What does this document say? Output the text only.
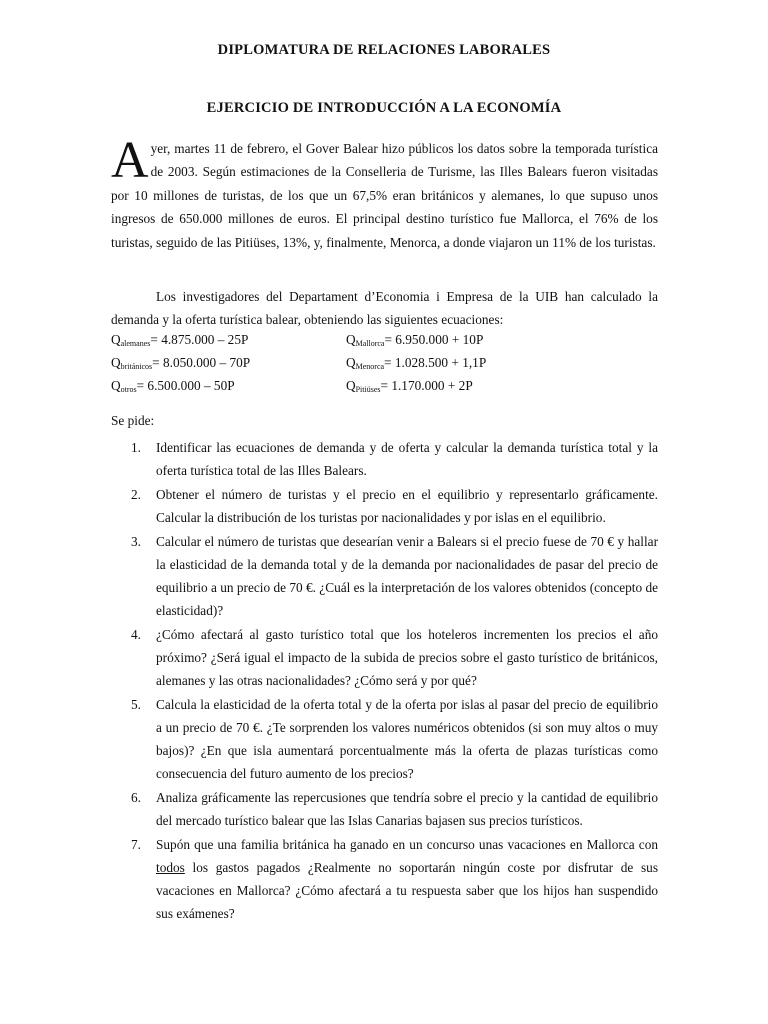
DIPLOMATURA DE RELACIONES LABORALES
EJERCICIO DE INTRODUCCIÓN A LA ECONOMÍA
Ayer, martes 11 de febrero, el Gover Balear hizo públicos los datos sobre la temporada turística de 2003. Según estimaciones de la Conselleria de Turisme, las Illes Balears fueron visitadas por 10 millones de turistas, de los que un 67,5% eran británicos y alemanes, lo que supuso unos ingresos de 650.000 millones de euros. El principal destino turístico fue Mallorca, el 76% de los turistas, seguido de las Pitiüses, 13%, y, finalmente, Menorca, a donde viajaron un 11% de los turistas.
Los investigadores del Departament d’Economia i Empresa de la UIB han calculado la demanda y la oferta turística balear, obteniendo las siguientes ecuaciones:
$Q_{alemanes}= 4.875.000 - 25P$
$Q_{británicos}= 8.050.000 - 70P$
$Q_{otros}= 6.500.000 - 50P$
$Q_{Mallorca}= 6.950.000 + 10P$
$Q_{Menorca}= 1.028.500 + 1,1P$
$Q_{Pitiüses}= 1.170.000 + 2P$
Se pide:
1. Identificar las ecuaciones de demanda y de oferta y calcular la demanda turística total y la oferta turística total de las Illes Balears.
2. Obtener el número de turistas y el precio en el equilibrio y representarlo gráficamente. Calcular la distribución de los turistas por nacionalidades y por islas en el equilibrio.
3. Calcular el número de turistas que desearían venir a Balears si el precio fuese de 70 € y hallar la elasticidad de la demanda total y de la demanda por nacionalidades de pasar del precio de equilibrio a un precio de 70 €. ¿Cuál es la interpretación de los valores obtenidos (concepto de elasticidad)?
4. ¿Cómo afectará al gasto turístico total que los hoteleros incrementen los precios el año próximo? ¿Será igual el impacto de la subida de precios sobre el gasto turístico de británicos, alemanes y las otras nacionalidades? ¿Cómo será y por qué?
5. Calcula la elasticidad de la oferta total y de la oferta por islas al pasar del precio de equilibrio a un precio de 70 €. ¿Te sorprenden los valores numéricos obtenidos (si son muy altos o muy bajos)? ¿En que isla aumentará porcentualmente más la oferta de plazas turísticas como consecuencia del futuro aumento de los precios?
6. Analiza gráficamente las repercusiones que tendría sobre el precio y la cantidad de equilibrio del mercado turístico balear que las Islas Canarias bajasen sus precios turísticos.
7. Supón que una familia británica ha ganado en un concurso unas vacaciones en Mallorca con todos los gastos pagados ¿Realmente no soportarán ningún coste por disfrutar de sus vacaciones en Mallorca? ¿Cómo afectará a tu respuesta saber que los hijos han suspendido sus exámenes?
